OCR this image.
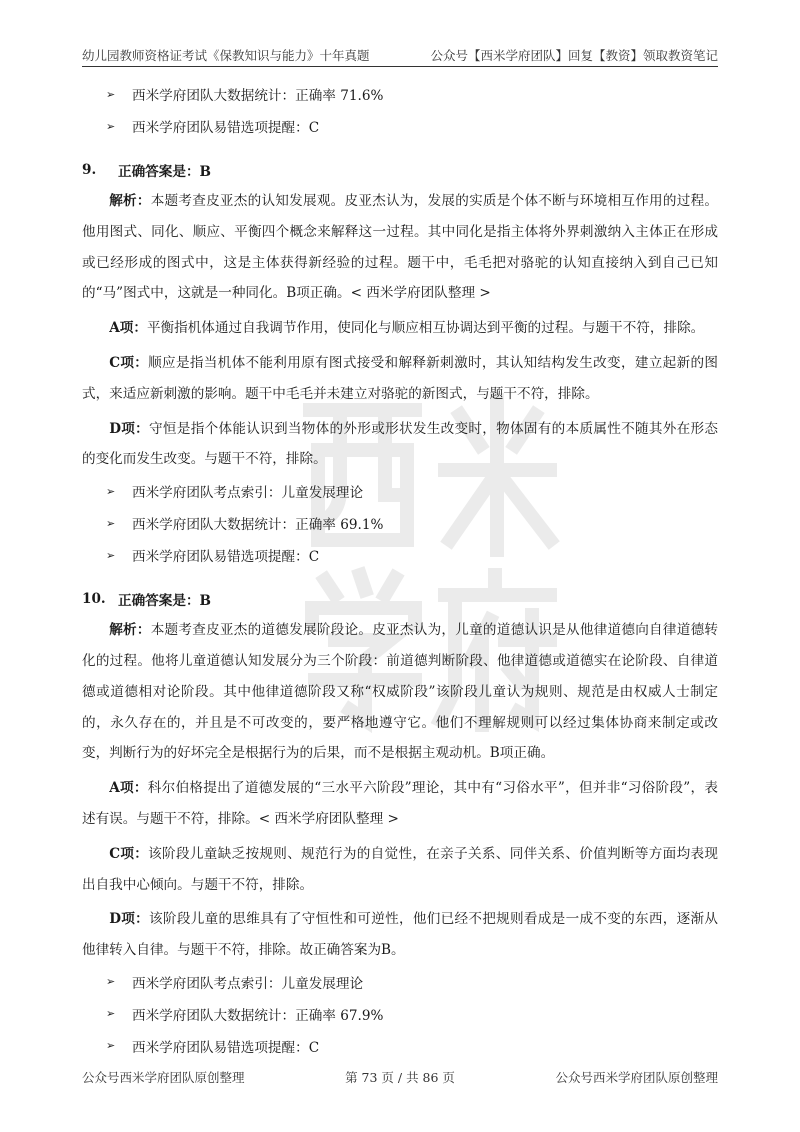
幼儿园教师资格证考试《保教知识与能力》十年真题	公众号【西米学府团队】回复【教资】领取教资笔记
➢	西米学府团队大数据统计：正确率 71.6%
➢	西米学府团队易错选项提醒：C
9.	正确答案是：B

解析：本题考查皮亚杰的认知发展观。皮亚杰认为，发展的实质是个体不断与环境相互作用的过程。他用图式、同化、顺应、平衡四个概念来解释这一过程。其中同化是指主体将外界刺激纳入主体正在形成或已经形成的图式中，这是主体获得新经验的过程。题干中，毛毛把对骆驼的认知直接纳入到自己已知的“马”图式中，这就是一种同化。B项正确。< 西米学府团队整理 >

A项：平衡指机体通过自我调节作用，使同化与顺应相互协调达到平衡的过程。与题干不符，排除。

C项：顺应是指当机体不能利用原有图式接受和解释新刺激时，其认知结构发生改变，建立起新的图式，来适应新刺激的影响。题干中毛毛并未建立对骆驼的新图式，与题干不符，排除。

D项：守恒是指个体能认识到当物体的外形或形状发生改变时，物体固有的本质属性不随其外在形态的变化而发生改变。与题干不符，排除。

➢	西米学府团队考点索引：儿童发展理论
➢	西米学府团队大数据统计：正确率 69.1%
➢	西米学府团队易错选项提醒：C
10. 正确答案是：B

解析：本题考查皮亚杰的道德发展阶段论。皮亚杰认为，儿童的道德认识是从他律道德向自律道德转化的过程。他将儿童道德认知发展分为三个阶段：前道德判断阶段、他律道德或道德实在论阶段、自律道德或道德相对论阶段。其中他律道德阶段又称“权威阶段”该阶段儿童认为规则、规范是由权威人士制定的，永久存在的，并且是不可改变的，要严格地遵守它。他们不理解规则可以经过集体协商来制定或改变，判断行为的好坏完全是根据行为的后果，而不是根据主观动机。B项正确。

A项：科尔伯格提出了道德发展的“三水平六阶段”理论，其中有“习俗水平”，但并非“习俗阶段”，表述有误。与题干不符，排除。< 西米学府团队整理 >

C项：该阶段儿童缺乏按规则、规范行为的自觉性，在亲子关系、同伴关系、价值判断等方面均表现出自我中心倾向。与题干不符，排除。

D项：该阶段儿童的思维具有了守恒性和可逆性，他们已经不把规则看成是一成不变的东西，逐渐从他律转入自律。与题干不符，排除。故正确答案为B。

➢	西米学府团队考点索引：儿童发展理论
➢	西米学府团队大数据统计：正确率 67.9%
➢	西米学府团队易错选项提醒：C
公众号西米学府团队原创整理	第 73 页 / 共 86 页	公众号西米学府团队原创整理
